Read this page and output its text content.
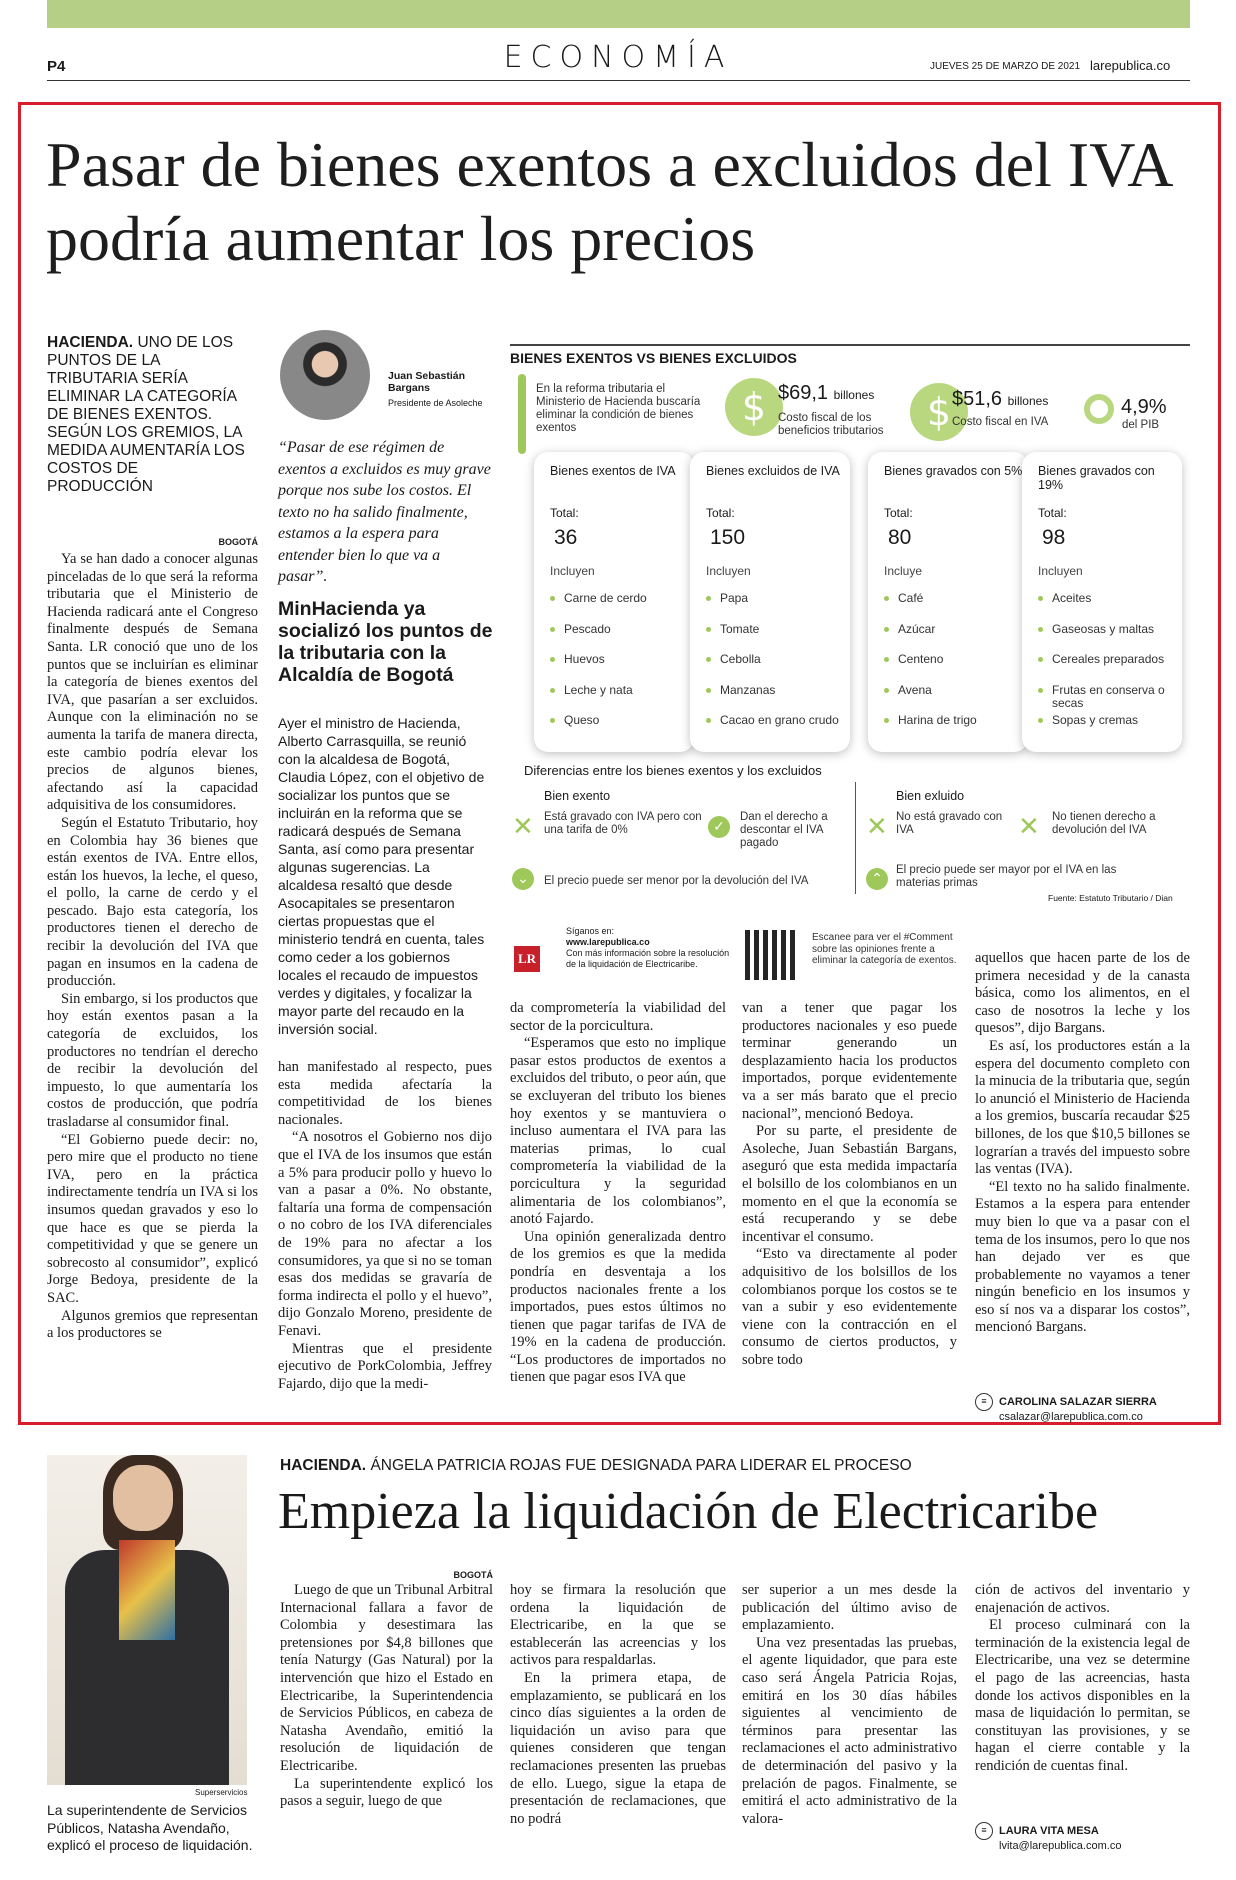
P4	ECONOMÍA	JUEVES 25 DE MARZO DE 2021 larepublica.co
Pasar de bienes exentos a excluidos del IVA podría aumentar los precios
HACIENDA. UNO DE LOS PUNTOS DE LA TRIBUTARIA SERÍA ELIMINAR LA CATEGORÍA DE BIENES EXENTOS. SEGÚN LOS GREMIOS, LA MEDIDA AUMENTARÍA LOS COSTOS DE PRODUCCIÓN
BOGOTÁ

Ya se han dado a conocer algunas pinceladas de lo que será la reforma tributaria que el Ministerio de Hacienda radicará ante el Congreso finalmente después de Semana Santa. LR conoció que uno de los puntos que se incluirían es eliminar la categoría de bienes exentos del IVA, que pasarían a ser excluidos. Aunque con la eliminación no se aumenta la tarifa de manera directa, este cambio podría elevar los precios de algunos bienes, afectando así la capacidad adquisitiva de los consumidores.

Según el Estatuto Tributario, hoy en Colombia hay 36 bienes que están exentos de IVA. Entre ellos, están los huevos, la leche, el queso, el pollo, la carne de cerdo y el pescado. Bajo esta categoría, los productores tienen el derecho de recibir la devolución del IVA que pagan en insumos en la cadena de producción.

Sin embargo, si los productos que hoy están exentos pasan a la categoría de excluidos, los productores no tendrían el derecho de recibir la devolución del impuesto, lo que aumentaría los costos de producción, que podría trasladarse al consumidor final.

“El Gobierno puede decir: no, pero mire que el producto no tiene IVA, pero en la práctica indirectamente tendría un IVA si los insumos quedan gravados y eso lo que hace es que se pierda la competitividad y que se genere un sobrecosto al consumidor”, explicó Jorge Bedoya, presidente de la SAC.

Algunos gremios que representan a los productores se

Juan Sebastián Bargans
Presidente de Asoleche
“Pasar de ese régimen de exentos a excluidos es muy grave porque nos sube los costos. El texto no ha salido finalmente, estamos a la espera para entender bien lo que va a pasar”.
MinHacienda ya socializó los puntos de la tributaria con la Alcaldía de Bogotá

Ayer el ministro de Hacienda, Alberto Carrasquilla, se reunió con la alcaldesa de Bogotá, Claudia López, con el objetivo de socializar los puntos que se incluirán en la reforma que se radicará después de Semana Santa, así como para presentar algunas sugerencias. La alcaldesa resaltó que desde Asocapitales se presentaron ciertas propuestas que el ministerio tendrá en cuenta, tales como ceder a los gobiernos locales el recaudo de impuestos verdes y digitales, y focalizar la mayor parte del recaudo en la inversión social.

han manifestado al respecto, pues esta medida afectaría la competitividad de los bienes nacionales.

“A nosotros el Gobierno nos dijo que el IVA de los insumos que están a 5% para producir pollo y huevo lo van a pasar a 0%. No obstante, faltaría una forma de compensación o no cobro de los IVA diferenciales de 19% para no afectar a los consumidores, ya que si no se toman esas dos medidas se gravaría de forma indirecta el pollo y el huevo”, dijo Gonzalo Moreno, presidente de Fenavi.

Mientras que el presidente ejecutivo de PorkColombia, Jeffrey Fajardo, dijo que la medi-

da comprometería la viabilidad del sector de la porcicultura.

“Esperamos que esto no implique pasar estos productos de exentos a excluidos del tributo, o peor aún, que se excluyeran del tributo los bienes hoy exentos y se mantuviera o incluso aumentara el IVA para las materias primas, lo cual comprometería la viabilidad de la porcicultura y la seguridad alimentaria de los colombianos”, anotó Fajardo.

Una opinión generalizada dentro de los gremios es que la medida pondría en desventaja a los productos nacionales frente a los importados, pues estos últimos no tienen que pagar tarifas de IVA de 19% en la cadena de producción. “Los productores de importados no tienen que pagar esos IVA que

van a tener que pagar los productores nacionales y eso puede terminar generando un desplazamiento hacia los productos importados, porque evidentemente va a ser más barato que el precio nacional”, mencionó Bedoya.

Por su parte, el presidente de Asoleche, Juan Sebastián Bargans, aseguró que esta medida impactaría el bolsillo de los colombianos en un momento en el que la economía se está recuperando y se debe incentivar el consumo.

“Esto va directamente al poder adquisitivo de los bolsillos de los colombianos porque los costos se te van a subir y eso evidentemente viene con la contracción en el consumo de ciertos productos, y sobre todo

aquellos que hacen parte de los de primera necesidad y de la canasta básica, como los alimentos, en el caso de nosotros la leche y los quesos”, dijo Bargans.

Es así, los productores están a la espera del documento completo con la minucia de la tributaria que, según lo anunció el Ministerio de Hacienda a los gremios, buscaría recaudar $25 billones, de los que $10,5 billones se lograrían a través del impuesto sobre las ventas (IVA).

“El texto no ha salido finalmente. Estamos a la espera para entender muy bien lo que va a pasar con el tema de los insumos, pero lo que nos han dejado ver es que probablemente no vayamos a tener ningún beneficio en los insumos y eso sí nos va a disparar los costos”, mencionó Bargans.

≡ CAROLINA SALAZAR SIERRA
csalazar@larepublica.com.co
BIENES EXENTOS VS BIENES EXCLUIDOS
En la reforma tributaria el Ministerio de Hacienda buscaría eliminar la condición de bienes exentos	$ $69,1 billones
Costo fiscal de los beneficios tributarios	$ $51,6 billones
Costo fiscal en IVA
4,9%
del PIB
Bienes exentos de IVA
Total:
36
Incluyen
Carne de cerdo
Pescado
Huevos
Leche y nata
Queso
Bienes excluidos de IVA
Total:
150
Incluyen
Papa
Tomate
Cebolla
Manzanas
Cacao en grano crudo
Bienes gravados con 5%
Total:
80
Incluye
Café
Azúcar
Centeno
Avena
Harina de trigo
Bienes gravados con 19%
Total:
98
Incluyen
Aceites
Gaseosas y maltas
Cereales preparados
Frutas en conserva o secas
Sopas y cremas
Diferencias entre los bienes exentos y los excluidos
Bien exento	Bien exluido
✕ Está gravado con IVA pero con una tarifa de 0%	✓
Dan el derecho a descontar el IVA pagado
⌄	El precio puede ser menor por la devolución del IVA
✕ No está gravado con IVA	✕ No tienen derecho a devolución del IVA
⌃
El precio puede ser mayor por el IVA en las materias primas
Fuente: Estatuto Tributario / Dian
LR
Síganos en:
www.larepublica.co
Con más información sobre la resolución de la liquidación de Electricaribe.
Escanee para ver el #Comment sobre las opiniones frente a eliminar la categoría de exentos.
Superservicios
La superintendente de Servicios Públicos, Natasha Avendaño, explicó el proceso de liquidación.
HACIENDA. ÁNGELA PATRICIA ROJAS FUE DESIGNADA PARA LIDERAR EL PROCESO
Empieza la liquidación de Electricaribe
BOGOTÁ

Luego de que un Tribunal Arbitral Internacional fallara a favor de Colombia y desestimara las pretensiones por $4,8 billones que tenía Naturgy (Gas Natural) por la intervención que hizo el Estado en Electricaribe, la Superintendencia de Servicios Públicos, en cabeza de Natasha Avendaño, emitió la resolución de liquidación de Electricaribe.

La superintendente explicó los pasos a seguir, luego de que

hoy se firmara la resolución que ordena la liquidación de Electricaribe, en la que se establecerán las acreencias y los activos para respaldarlas.

En la primera etapa, de emplazamiento, se publicará en los cinco días siguientes a la orden de liquidación un aviso para que quienes consideren que tengan reclamaciones presenten las pruebas de ello. Luego, sigue la etapa de presentación de reclamaciones, que no podrá

ser superior a un mes desde la publicación del último aviso de emplazamiento.

Una vez presentadas las pruebas, el agente liquidador, que para este caso será Ángela Patricia Rojas, emitirá en los 30 días hábiles siguientes al vencimiento de términos para presentar las reclamaciones el acto administrativo de determinación del pasivo y la prelación de pagos. Finalmente, se emitirá el acto administrativo de la valora-

ción de activos del inventario y enajenación de activos.

El proceso culminará con la terminación de la existencia legal de Electricaribe, una vez se determine el pago de las acreencias, hasta donde los activos disponibles en la masa de liquidación lo permitan, se constituyan las provisiones, y se hagan el cierre contable y la rendición de cuentas final.

≡ LAURA VITA MESA
lvita@larepublica.com.co
